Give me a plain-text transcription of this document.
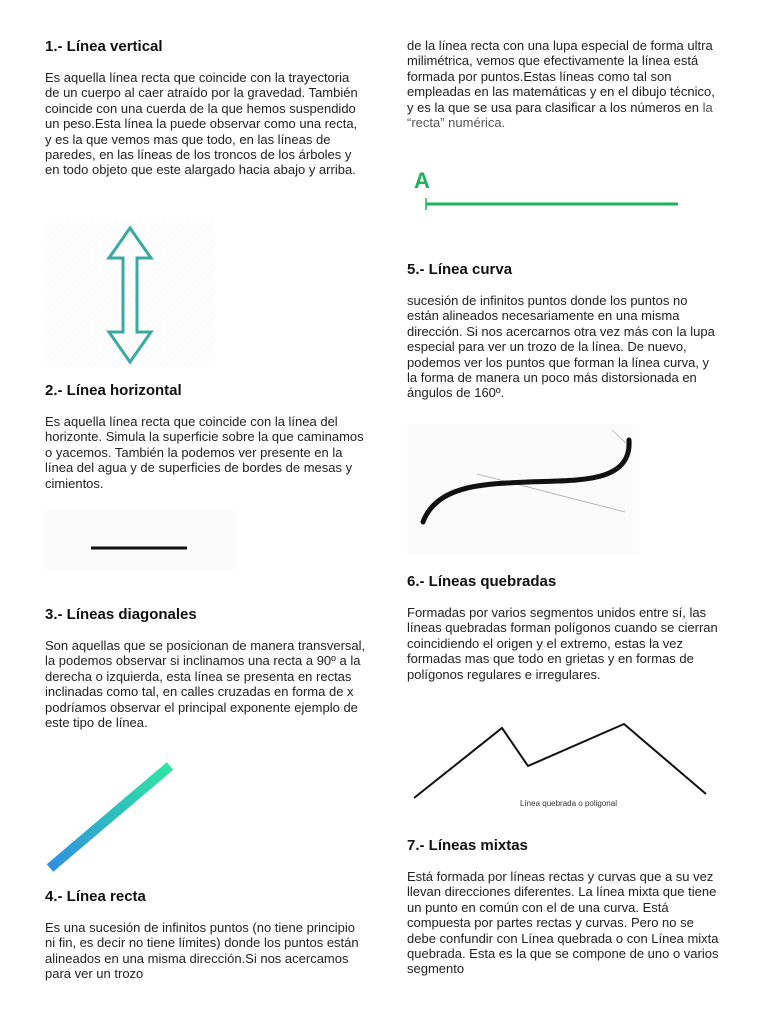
1.- Línea vertical

Es aquella línea recta que coincide con la trayectoria de un cuerpo al caer atraído por la gravedad. También coincide con una cuerda de la que hemos suspendido un peso.Esta línea la puede observar como una recta, y es la que vemos mas que todo, en las líneas de paredes, en las líneas de los troncos de los árboles y en todo objeto que este alargado hacia abajo y arriba.

2.- Línea horizontal

Es aquella línea recta que coincide con la línea del horizonte. Simula la superficie sobre la que caminamos o yacemos. También la podemos ver presente en la línea del agua y de superficies de bordes de mesas y cimientos.

3.- Líneas diagonales

Son aquellas que se posicionan de manera transversal, la podemos observar si inclinamos una recta a 90º a la derecha o izquierda, esta línea se presenta en rectas inclinadas como tal, en calles cruzadas en forma de x podríamos observar el principal exponente ejemplo de este tipo de línea.

4.- Línea recta

Es una sucesión de infinitos puntos (no tiene principio ni fin, es decir no tiene límites) donde los puntos están alineados en una misma dirección.Si nos acercamos para ver un trozo

de la línea recta con una lupa especial de forma ultra milimétrica, vemos que efectivamente la línea está formada por puntos.Estas líneas como tal son empleadas en las matemáticas y en el dibujo técnico, y es la que se usa para clasificar a los números en la “recta” numérica.

A
5.- Línea curva

sucesión de infinitos puntos donde los puntos no están alineados necesariamente en una misma dirección. Si nos acercarnos otra vez más con la lupa especial para ver un trozo de la línea. De nuevo, podemos ver los puntos que forman la línea curva, y la forma de manera un poco más distorsionada en ángulos de 160º.

6.- Líneas quebradas

Formadas por varios segmentos unidos entre sí, las líneas quebradas forman polígonos cuando se cierran coincidiendo el origen y el extremo, estas la vez formadas mas que todo en grietas y en formas de polígonos regulares e irregulares.

Línea quebrada o poligonal
7.- Líneas mixtas

Está formada por líneas rectas y curvas que a su vez llevan direcciones diferentes. La línea mixta que tiene un punto en común con el de una curva. Está compuesta por partes rectas y curvas. Pero no se debe confundir con Línea quebrada o con Línea mixta quebrada. Esta es la que se compone de uno o varios segmento
